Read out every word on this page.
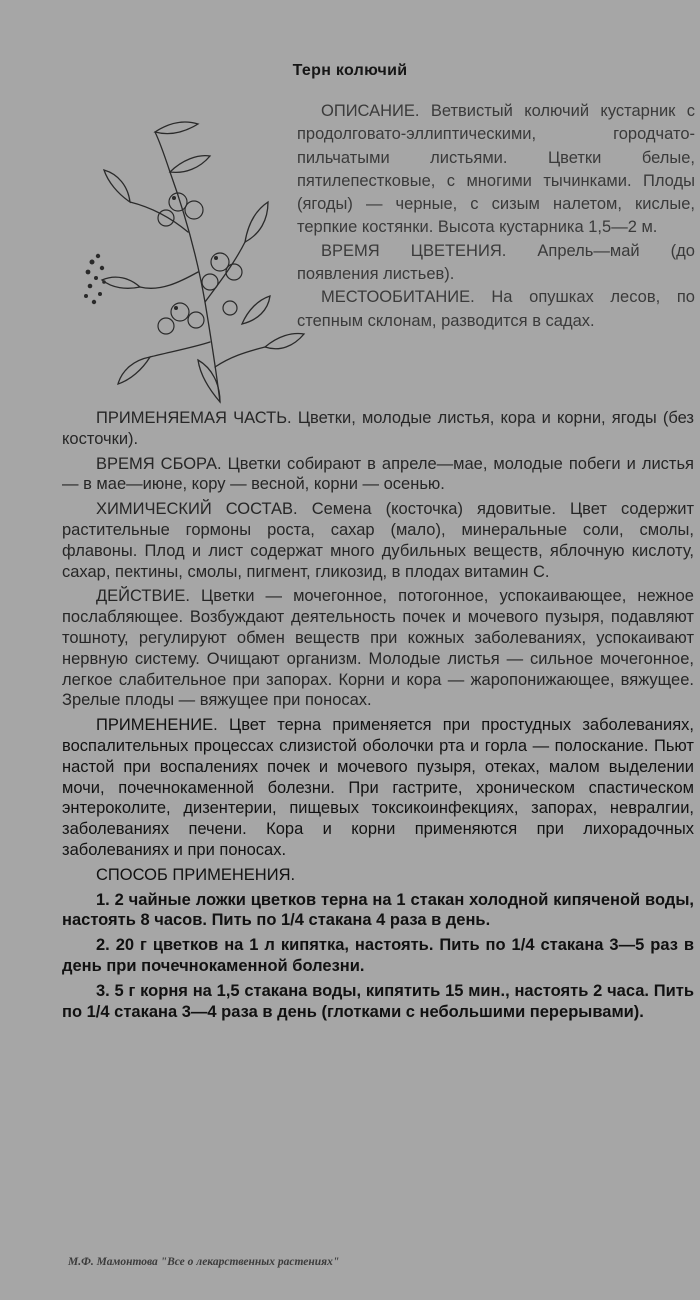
Терн колючий

ОПИСАНИЕ. Ветвистый колючий кустарник с продолговато-эллиптическими, городчато-пильчатыми листьями. Цветки белые, пятилепестковые, с многими тычинками. Плоды (ягоды) — черные, с сизым налетом, кислые, терпкие костянки. Высота кустарника 1,5—2 м.

ВРЕМЯ ЦВЕТЕНИЯ. Апрель—май (до появления листьев).

МЕСТООБИТАНИЕ. На опушках лесов, по степным склонам, разводится в садах.

ПРИМЕНЯЕМАЯ ЧАСТЬ. Цветки, молодые листья, кора и корни, ягоды (без косточки).

ВРЕМЯ СБОРА. Цветки собирают в апреле—мае, молодые побеги и листья — в мае—июне, кору — весной, корни — осенью.

ХИМИЧЕСКИЙ СОСТАВ. Семена (косточка) ядовитые. Цвет содержит растительные гормоны роста, сахар (мало), минеральные соли, смолы, флавоны. Плод и лист содержат много дубильных веществ, яблочную кислоту, сахар, пектины, смолы, пигмент, гликозид, в плодах витамин С.

ДЕЙСТВИЕ. Цветки — мочегонное, потогонное, успокаивающее, нежное послабляющее. Возбуждают деятельность почек и мочевого пузыря, подавляют тошноту, регулируют обмен веществ при кожных заболеваниях, успокаивают нервную систему. Очищают организм. Молодые листья — сильное мочегонное, легкое слабительное при запорах. Корни и кора — жаропонижающее, вяжущее. Зрелые плоды — вяжущее при поносах.

ПРИМЕНЕНИЕ. Цвет терна применяется при простудных заболеваниях, воспалительных процессах слизистой оболочки рта и горла — полоскание. Пьют настой при воспалениях почек и мочевого пузыря, отеках, малом выделении мочи, почечнокаменной болезни. При гастрите, хроническом спастическом энтероколите, дизентерии, пищевых токсикоинфекциях, запорах, невралгии, заболеваниях печени. Кора и корни применяются при лихорадочных заболеваниях и при поносах.

СПОСОБ ПРИМЕНЕНИЯ.

1. 2 чайные ложки цветков терна на 1 стакан холодной кипяченой воды, настоять 8 часов. Пить по 1/4 стакана 4 раза в день.

2. 20 г цветков на 1 л кипятка, настоять. Пить по 1/4 стакана 3—5 раз в день при почечнокаменной болезни.

3. 5 г корня на 1,5 стакана воды, кипятить 15 мин., настоять 2 часа. Пить по 1/4 стакана 3—4 раза в день (глотками с небольшими перерывами).

М.Ф. Мамонтова "Все о лекарственных растениях"
